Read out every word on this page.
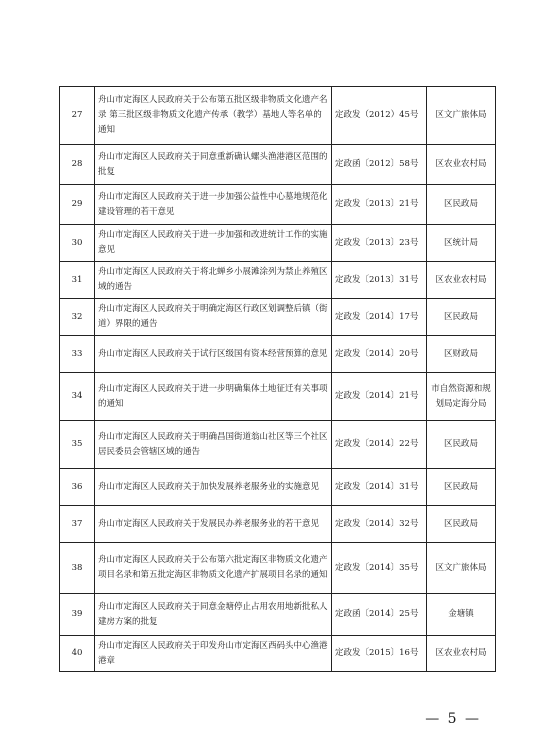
27	舟山市定海区人民政府关于公布第五批区级非物质文化遗产名录 第三批区级非物质文化遗产传承（教学）基地人等名单的通知	定政发（2012）45号	区文广旅体局
28	舟山市定海区人民政府关于同意重新确认螺头渔港港区范围的批复	定政函〔2012〕58号	区农业农村局
29	舟山市定海区人民政府关于进一步加强公益性中心墓地规范化建设管理的若干意见	定政发〔2013〕21号	区民政局
30	舟山市定海区人民政府关于进一步加强和改进统计工作的实施意见	定政发〔2013〕23号	区统计局
31	舟山市定海区人民政府关于将北蝉乡小展滩涂列为禁止养殖区域的通告	定政发〔2013〕31号	区农业农村局
32	舟山市定海区人民政府关于明确定海区行政区划调整后镇（街道）界限的通告	定政发〔2014〕17号	区民政局
33	舟山市定海区人民政府关于试行区级国有资本经营预算的意见	定政发〔2014〕20号	区财政局
34	舟山市定海区人民政府关于进一步明确集体土地征迁有关事项的通知	定政发〔2014〕21号	市自然资源和规划局定海分局
35	舟山市定海区人民政府关于明确昌国街道翁山社区等三个社区居民委员会管辖区域的通告	定政发〔2014〕22号	区民政局
36	舟山市定海区人民政府关于加快发展养老服务业的实施意见	定政发〔2014〕31号	区民政局
37	舟山市定海区人民政府关于发展民办养老服务业的若干意见	定政发〔2014〕32号	区民政局
38	舟山市定海区人民政府关于公布第六批定海区非物质文化遗产项目名录和第五批定海区非物质文化遗产扩展项目名录的通知	定政发〔2014〕35号	区文广旅体局
39	舟山市定海区人民政府关于同意金塘停止占用农用地新批私人建房方案的批复	定政函〔2014〕25号	金塘镇
40	舟山市定海区人民政府关于印发舟山市定海区西码头中心渔港港章	定政发〔2015〕16号	区农业农村局
— 5 —
